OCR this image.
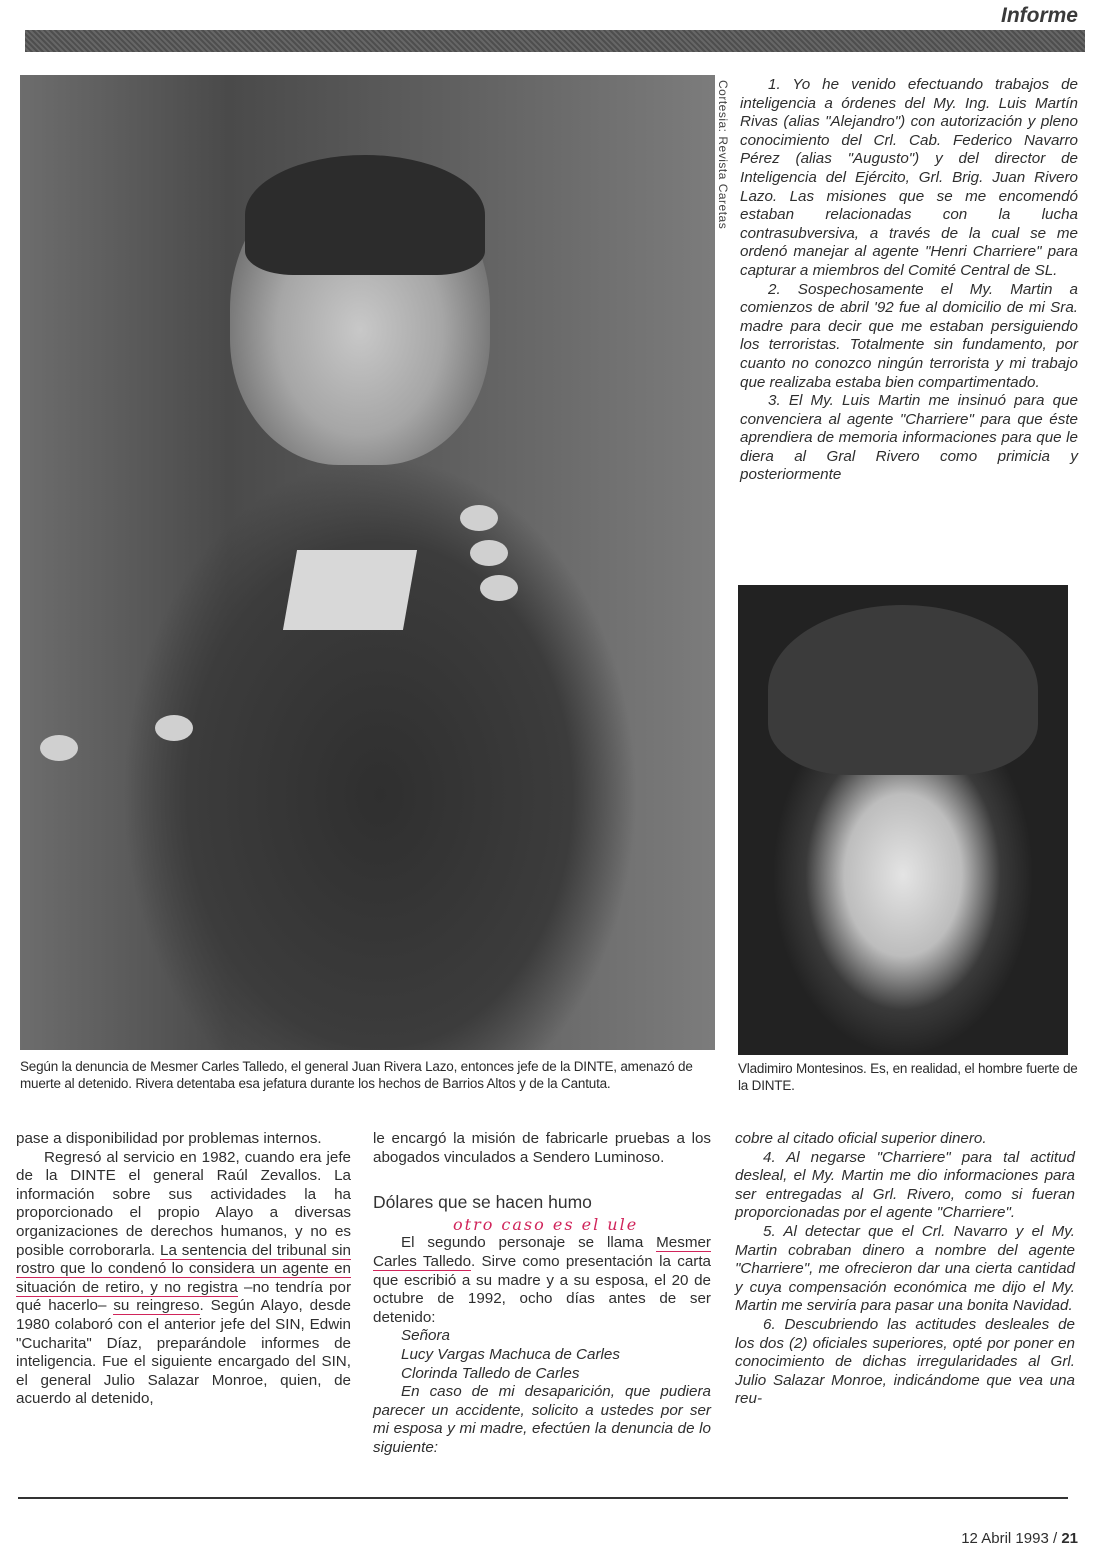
Informe
Cortesia: Revista Caretas	1. Yo he venido efectuando trabajos de inteligencia a órdenes del My. Ing. Luis Martín Rivas (alias "Alejandro") con autorización y pleno conocimiento del Crl. Cab. Federico Navarro Pérez (alias "Augusto") y del director de Inteligencia del Ejército, Grl. Brig. Juan Rivero Lazo. Las misiones que se me encomendó estaban relacionadas con la lucha contrasubversiva, a través de la cual se me ordenó manejar al agente "Henri Charriere" para capturar a miembros del Comité Central de SL.

2. Sospechosamente el My. Martin a comienzos de abril '92 fue al domicilio de mi Sra. madre para decir que me estaban persiguiendo los terroristas. Totalmente sin fundamento, por cuanto no conozco ningún terrorista y mi trabajo que realizaba estaba bien compartimentado.

3. El My. Luis Martin me insinuó para que convenciera al agente "Charriere" para que éste aprendiera de memoria informaciones para que le diera al Gral Rivero como primicia y posteriormente

Según la denuncia de Mesmer Carles Talledo, el general Juan Rivera Lazo, entonces jefe de la DINTE, amenazó de muerte al detenido. Rivera detentaba esa jefatura durante los hechos de Barrios Altos y de la Cantuta.
Vladimiro Montesinos. Es, en realidad, el hombre fuerte de la DINTE.

pase a disponibilidad por problemas internos.

Regresó al servicio en 1982, cuando era jefe de la DINTE el general Raúl Zevallos. La información sobre sus actividades la ha proporcionado el propio Alayo a diversas organizaciones de derechos humanos, y no es posible corroborarla. La sentencia del tribunal sin rostro que lo condenó lo considera un agente en situación de retiro, y no registra –no tendría por qué hacerlo– su reingreso. Según Alayo, desde 1980 colaboró con el anterior jefe del SIN, Edwin "Cucharita" Díaz, preparándole informes de inteligencia. Fue el siguiente encargado del SIN, el general Julio Salazar Monroe, quien, de acuerdo al detenido,

le encargó la misión de fabricarle pruebas a los abogados vinculados a Sendero Luminoso.

Dólares que se hacen humo
otro caso es el ule

El segundo personaje se llama Mesmer Carles Talledo. Sirve como presentación la carta que escribió a su madre y a su esposa, el 20 de octubre de 1992, ocho días antes de ser detenido:

Señora

Lucy Vargas Machuca de Carles

Clorinda Talledo de Carles

En caso de mi desaparición, que pudiera parecer un accidente, solicito a ustedes por ser mi esposa y mi madre, efectúen la denuncia de lo siguiente:

cobre al citado oficial superior dinero.

4. Al negarse "Charriere" para tal actitud desleal, el My. Martin me dio informaciones para ser entregadas al Grl. Rivero, como si fueran proporcionadas por el agente "Charriere".

5. Al detectar que el Crl. Navarro y el My. Martin cobraban dinero a nombre del agente "Charriere", me ofrecieron dar una cierta cantidad y cuya compensación económica me dijo el My. Martin me serviría para pasar una bonita Navidad.

6. Descubriendo las actitudes desleales de los dos (2) oficiales superiores, opté por poner en conocimiento de dichas irregularidades al Grl. Julio Salazar Monroe, indicándome que vea una reu-

12 Abril 1993 / 21
